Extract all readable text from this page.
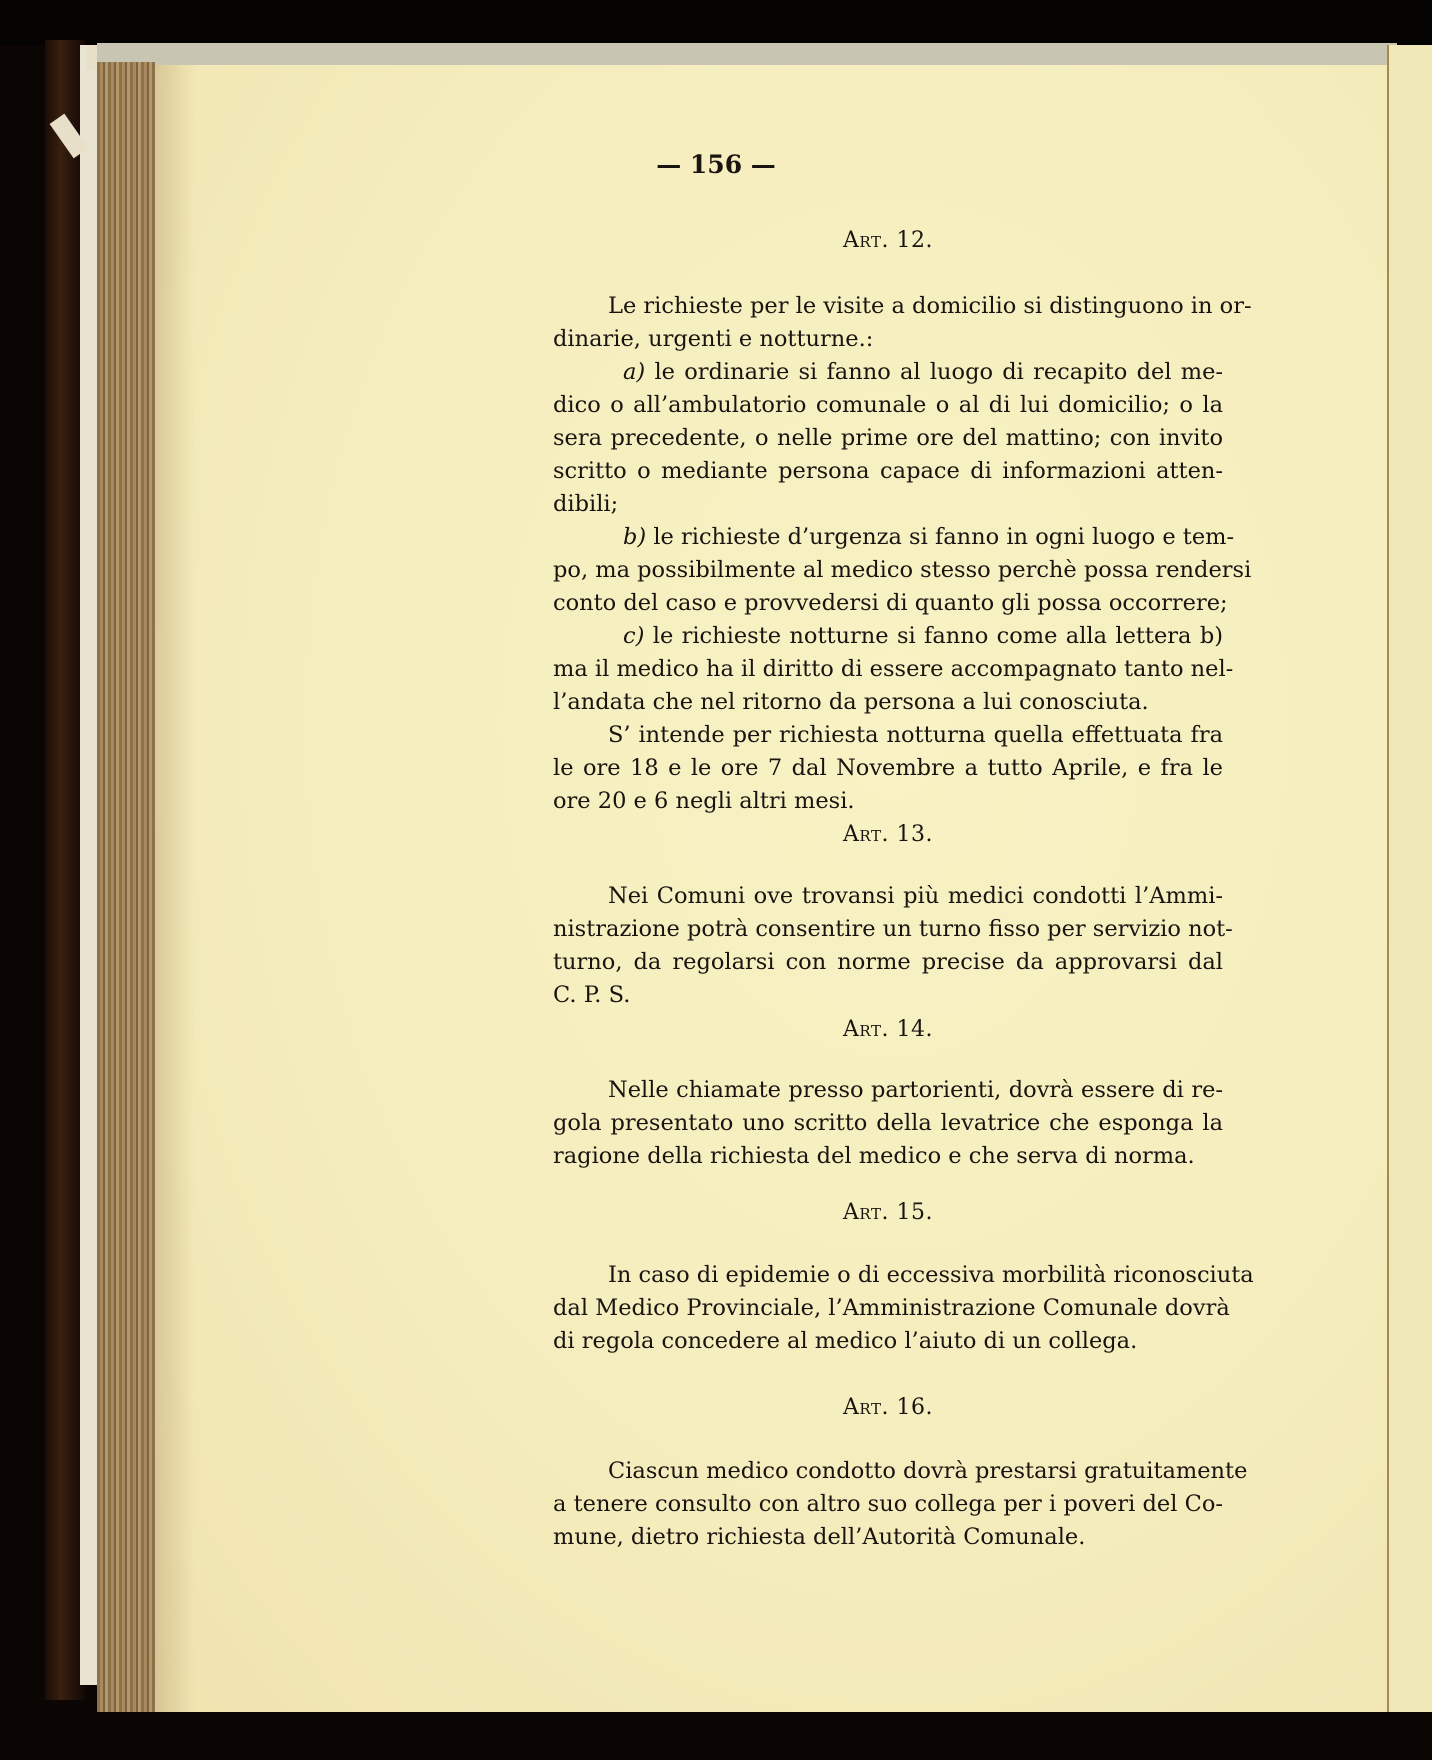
— 156 —
Art. 12.
Le richieste per le visite a domicilio si distinguono in or-
dinarie, urgenti e notturne.:
a) le ordinarie si fanno al luogo di recapito del me-
dico o all’ambulatorio comunale o al di lui domicilio; o la
sera precedente, o nelle prime ore del mattino; con invito
scritto o mediante persona capace di informazioni atten-
dibili;
b) le richieste d’urgenza si fanno in ogni luogo e tem-
po, ma possibilmente al medico stesso perchè possa rendersi
conto del caso e provvedersi di quanto gli possa occorrere;
c) le richieste notturne si fanno come alla lettera b)
ma il medico ha il diritto di essere accompagnato tanto nel-
l’andata che nel ritorno da persona a lui conosciuta.
S’ intende per richiesta notturna quella effettuata fra
le ore 18 e le ore 7 dal Novembre a tutto Aprile, e fra le
ore 20 e 6 negli altri mesi.
Art. 13.
Nei Comuni ove trovansi più medici condotti l’Ammi-
nistrazione potrà consentire un turno fisso per servizio not-
turno, da regolarsi con norme precise da approvarsi dal
C. P. S.
Art. 14.
Nelle chiamate presso partorienti, dovrà essere di re-
gola presentato uno scritto della levatrice che esponga la
ragione della richiesta del medico e che serva di norma.
Art. 15.
In caso di epidemie o di eccessiva morbilità riconosciuta
dal Medico Provinciale, l’Amministrazione Comunale dovrà
di regola concedere al medico l’aiuto di un collega.
Art. 16.
Ciascun medico condotto dovrà prestarsi gratuitamente
a tenere consulto con altro suo collega per i poveri del Co-
mune, dietro richiesta dell’Autorità Comunale.
